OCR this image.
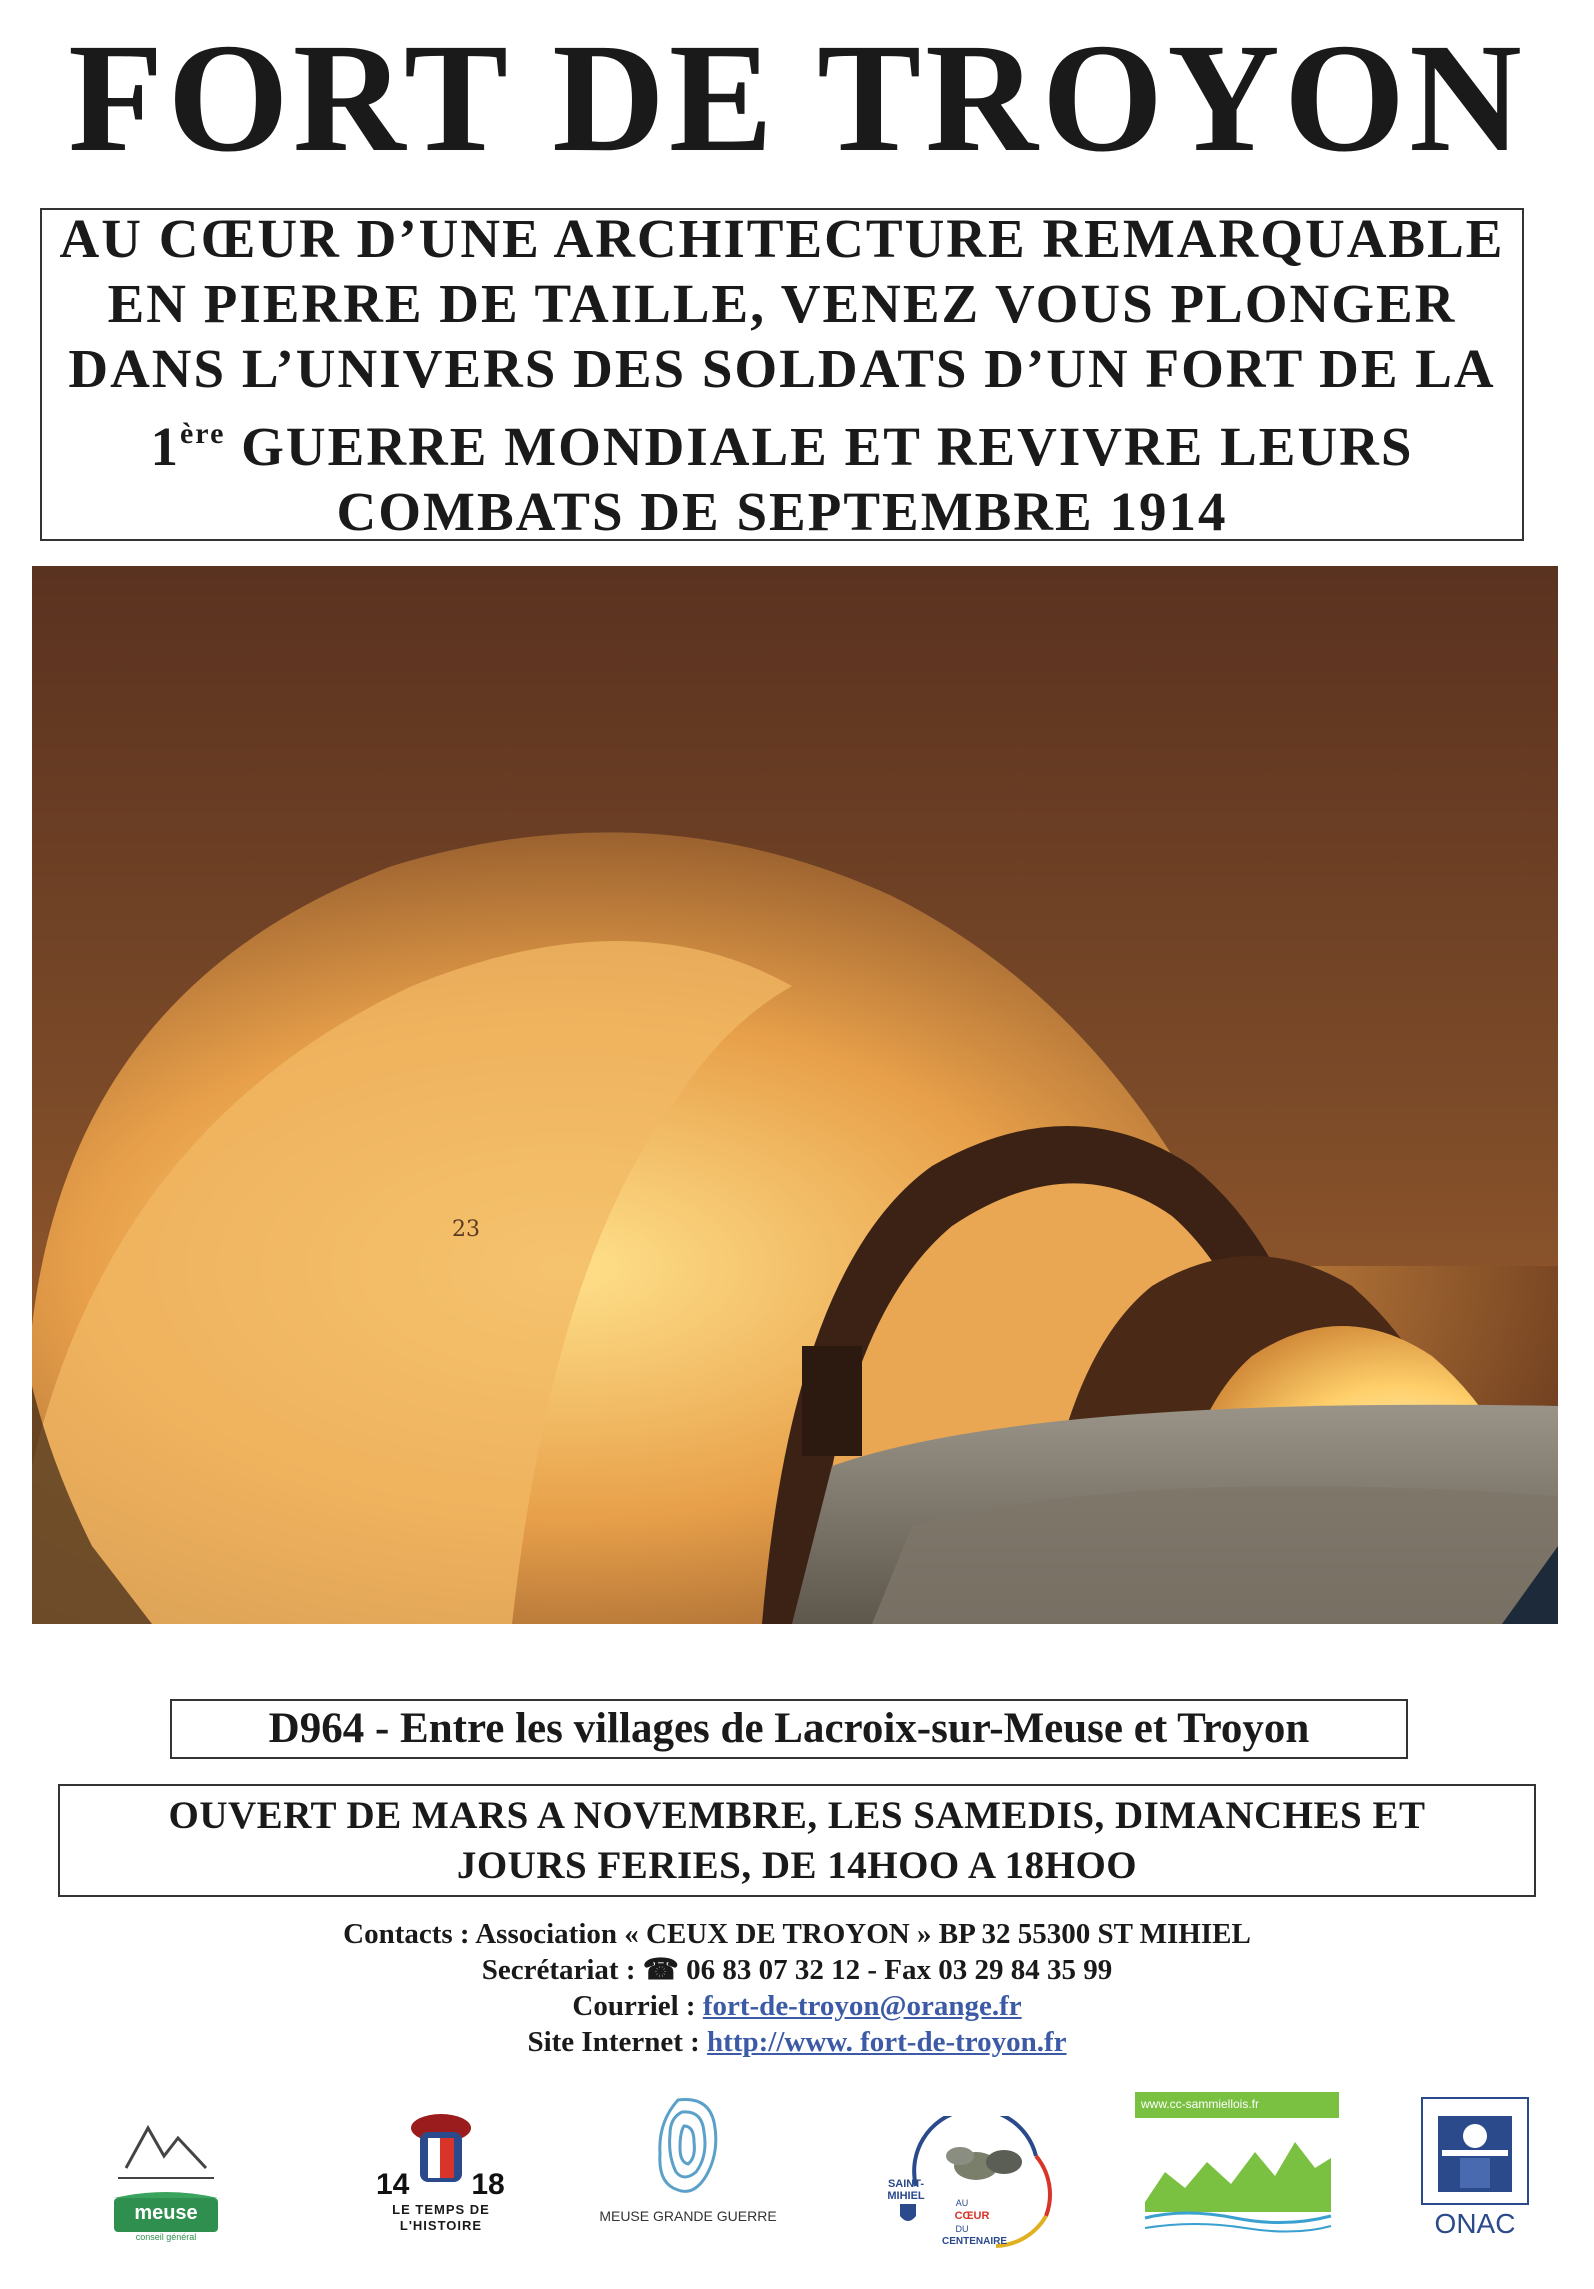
FORT DE TROYON
AU CŒUR D’UNE ARCHITECTURE REMARQUABLE
EN PIERRE DE TAILLE, VENEZ VOUS PLONGER
DANS L’UNIVERS DES SOLDATS D’UN FORT DE LA
1ère GUERRE MONDIALE ET REVIVRE LEURS
COMBATS DE SEPTEMBRE 1914
23
D964 - Entre les villages de Lacroix-sur-Meuse et Troyon
OUVERT DE MARS A NOVEMBRE, LES SAMEDIS, DIMANCHES ET
JOURS FERIES, DE 14HOO A 18HOO
Contacts : Association « CEUX DE TROYON » BP 32 55300 ST MIHIEL
Secrétariat : ☎ 06 83 07 32 12 - Fax 03 29 84 35 99
Courriel : fort-de-troyon@orange.fr
Site Internet : http://www. fort-de-troyon.fr
meuse
conseil général
14 18
LE TEMPS DE
L'HISTOIRE
MEUSE GRANDE GUERRE
SAINT-MIHIEL
AU
CŒUR
DU
CENTENAIRE
www.cc-sammiellois.fr
ONAC
